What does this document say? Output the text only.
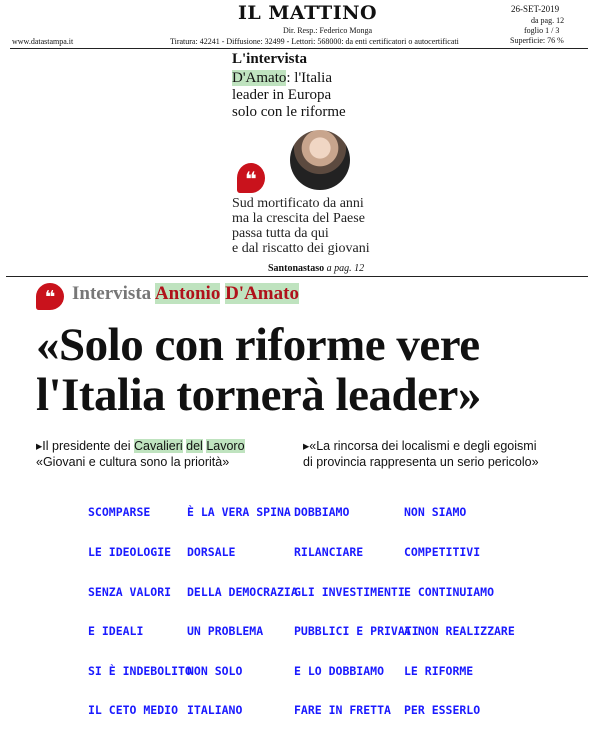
IL MATTINO	26-SET-2019
da pag. 12
foglio 1 / 3
Superficie: 76 %
Dir. Resp.: Federico Monga
www.datastampa.it	Tiratura: 42241 - Diffusione: 32499 - Lettori: 568000: da enti certificatori o autocertificati
L'intervista
D'Amato: l'Italia
leader in Europa
solo con le riforme
❝
Sud mortificato da anni
ma la crescita del Paese
passa tutta da qui
e dal riscatto dei giovani
Santonastaso a pag. 12
❝ Intervista Antonio D'Amato
«Solo con riforme vere
l'Italia tornerà leader»
▸Il presidente dei Cavalieri del Lavoro
«Giovani e cultura sono la priorità»
▸«La rincorsa dei localismi e degli egoismi
di provincia rappresenta un serio pericolo»

SCOMPARSE

LE IDEOLOGIE

SENZA VALORI

E IDEALI

SI È INDEBOLITO

IL CETO MEDIO

È LA VERA SPINA

DORSALE

DELLA DEMOCRAZIA

UN PROBLEMA

NON SOLO

ITALIANO

DOBBIAMO

RILANCIARE

GLI INVESTIMENTI

PUBBLICI E PRIVATI

E LO DOBBIAMO

FARE IN FRETTA

NON SIAMO

COMPETITIVI

E CONTINUIAMO

A NON REALIZZARE

LE RIFORME

PER ESSERLO
